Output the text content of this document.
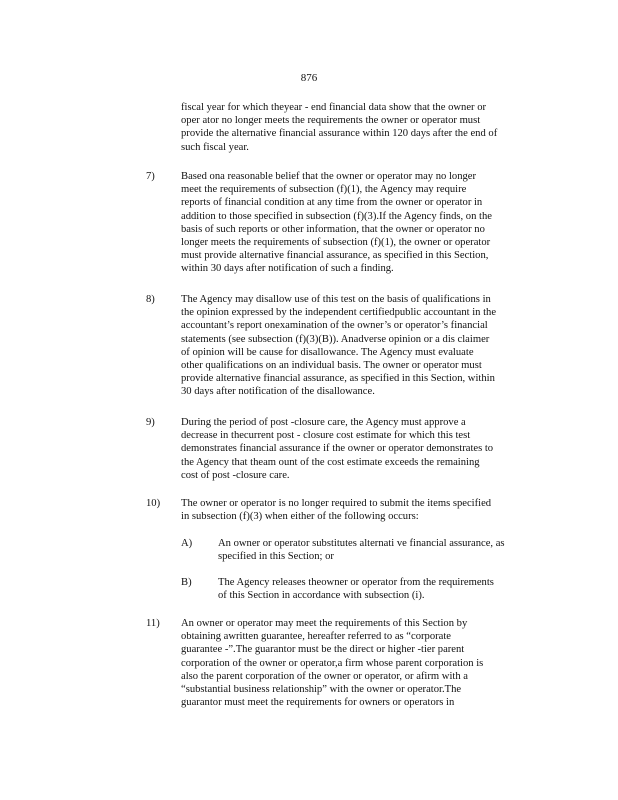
876
fiscal year for which theyear - end financial data show that the owner or
oper ator no longer meets the requirements the owner or operator must
provide the alternative financial assurance within 120 days after the end of
such fiscal year.
7) Based ona reasonable belief that the owner or operator may no longer
meet the requirements of subsection (f)(1), the Agency may require
reports of financial condition at any time from the owner or operator in
addition to those specified in subsection (f)(3).If the Agency finds, on the
basis of such reports or other information, that the owner or operator no
longer meets the requirements of subsection (f)(1), the owner or operator
must provide alternative financial assurance, as specified in this Section,
within 30 days after notification of such a finding.
8) The Agency may disallow use of this test on the basis of qualifications in
the opinion expressed by the independent certifiedpublic accountant in the
accountant’s report onexamination of the owner’s or operator’s financial
statements (see subsection (f)(3)(B)). Anadverse opinion or a dis claimer
of opinion will be cause for disallowance. The Agency must evaluate
other qualifications on an individual basis. The owner or operator must
provide alternative financial assurance, as specified in this Section, within
30 days after notification of the disallowance.
9) During the period of post -closure care, the Agency must approve a
decrease in thecurrent post - closure cost estimate for which this test
demonstrates financial assurance if the owner or operator demonstrates to
the Agency that theam ount of the cost estimate exceeds the remaining
cost of post -closure care.
10) The owner or operator is no longer required to submit the items specified
in subsection (f)(3) when either of the following occurs:
A) An owner or operator substitutes alternati ve financial assurance, as
specified in this Section; or
B) The Agency releases theowner or operator from the requirements
of this Section in accordance with subsection (i).
11) An owner or operator may meet the requirements of this Section by
obtaining awritten guarantee, hereafter referred to as “corporate
guarantee -”.The guarantor must be the direct or higher -tier parent
corporation of the owner or operator,a firm whose parent corporation is
also the parent corporation of the owner or operator, or afirm with a
“substantial business relationship” with the owner or operator.The
guarantor must meet the requirements for owners or operators in
